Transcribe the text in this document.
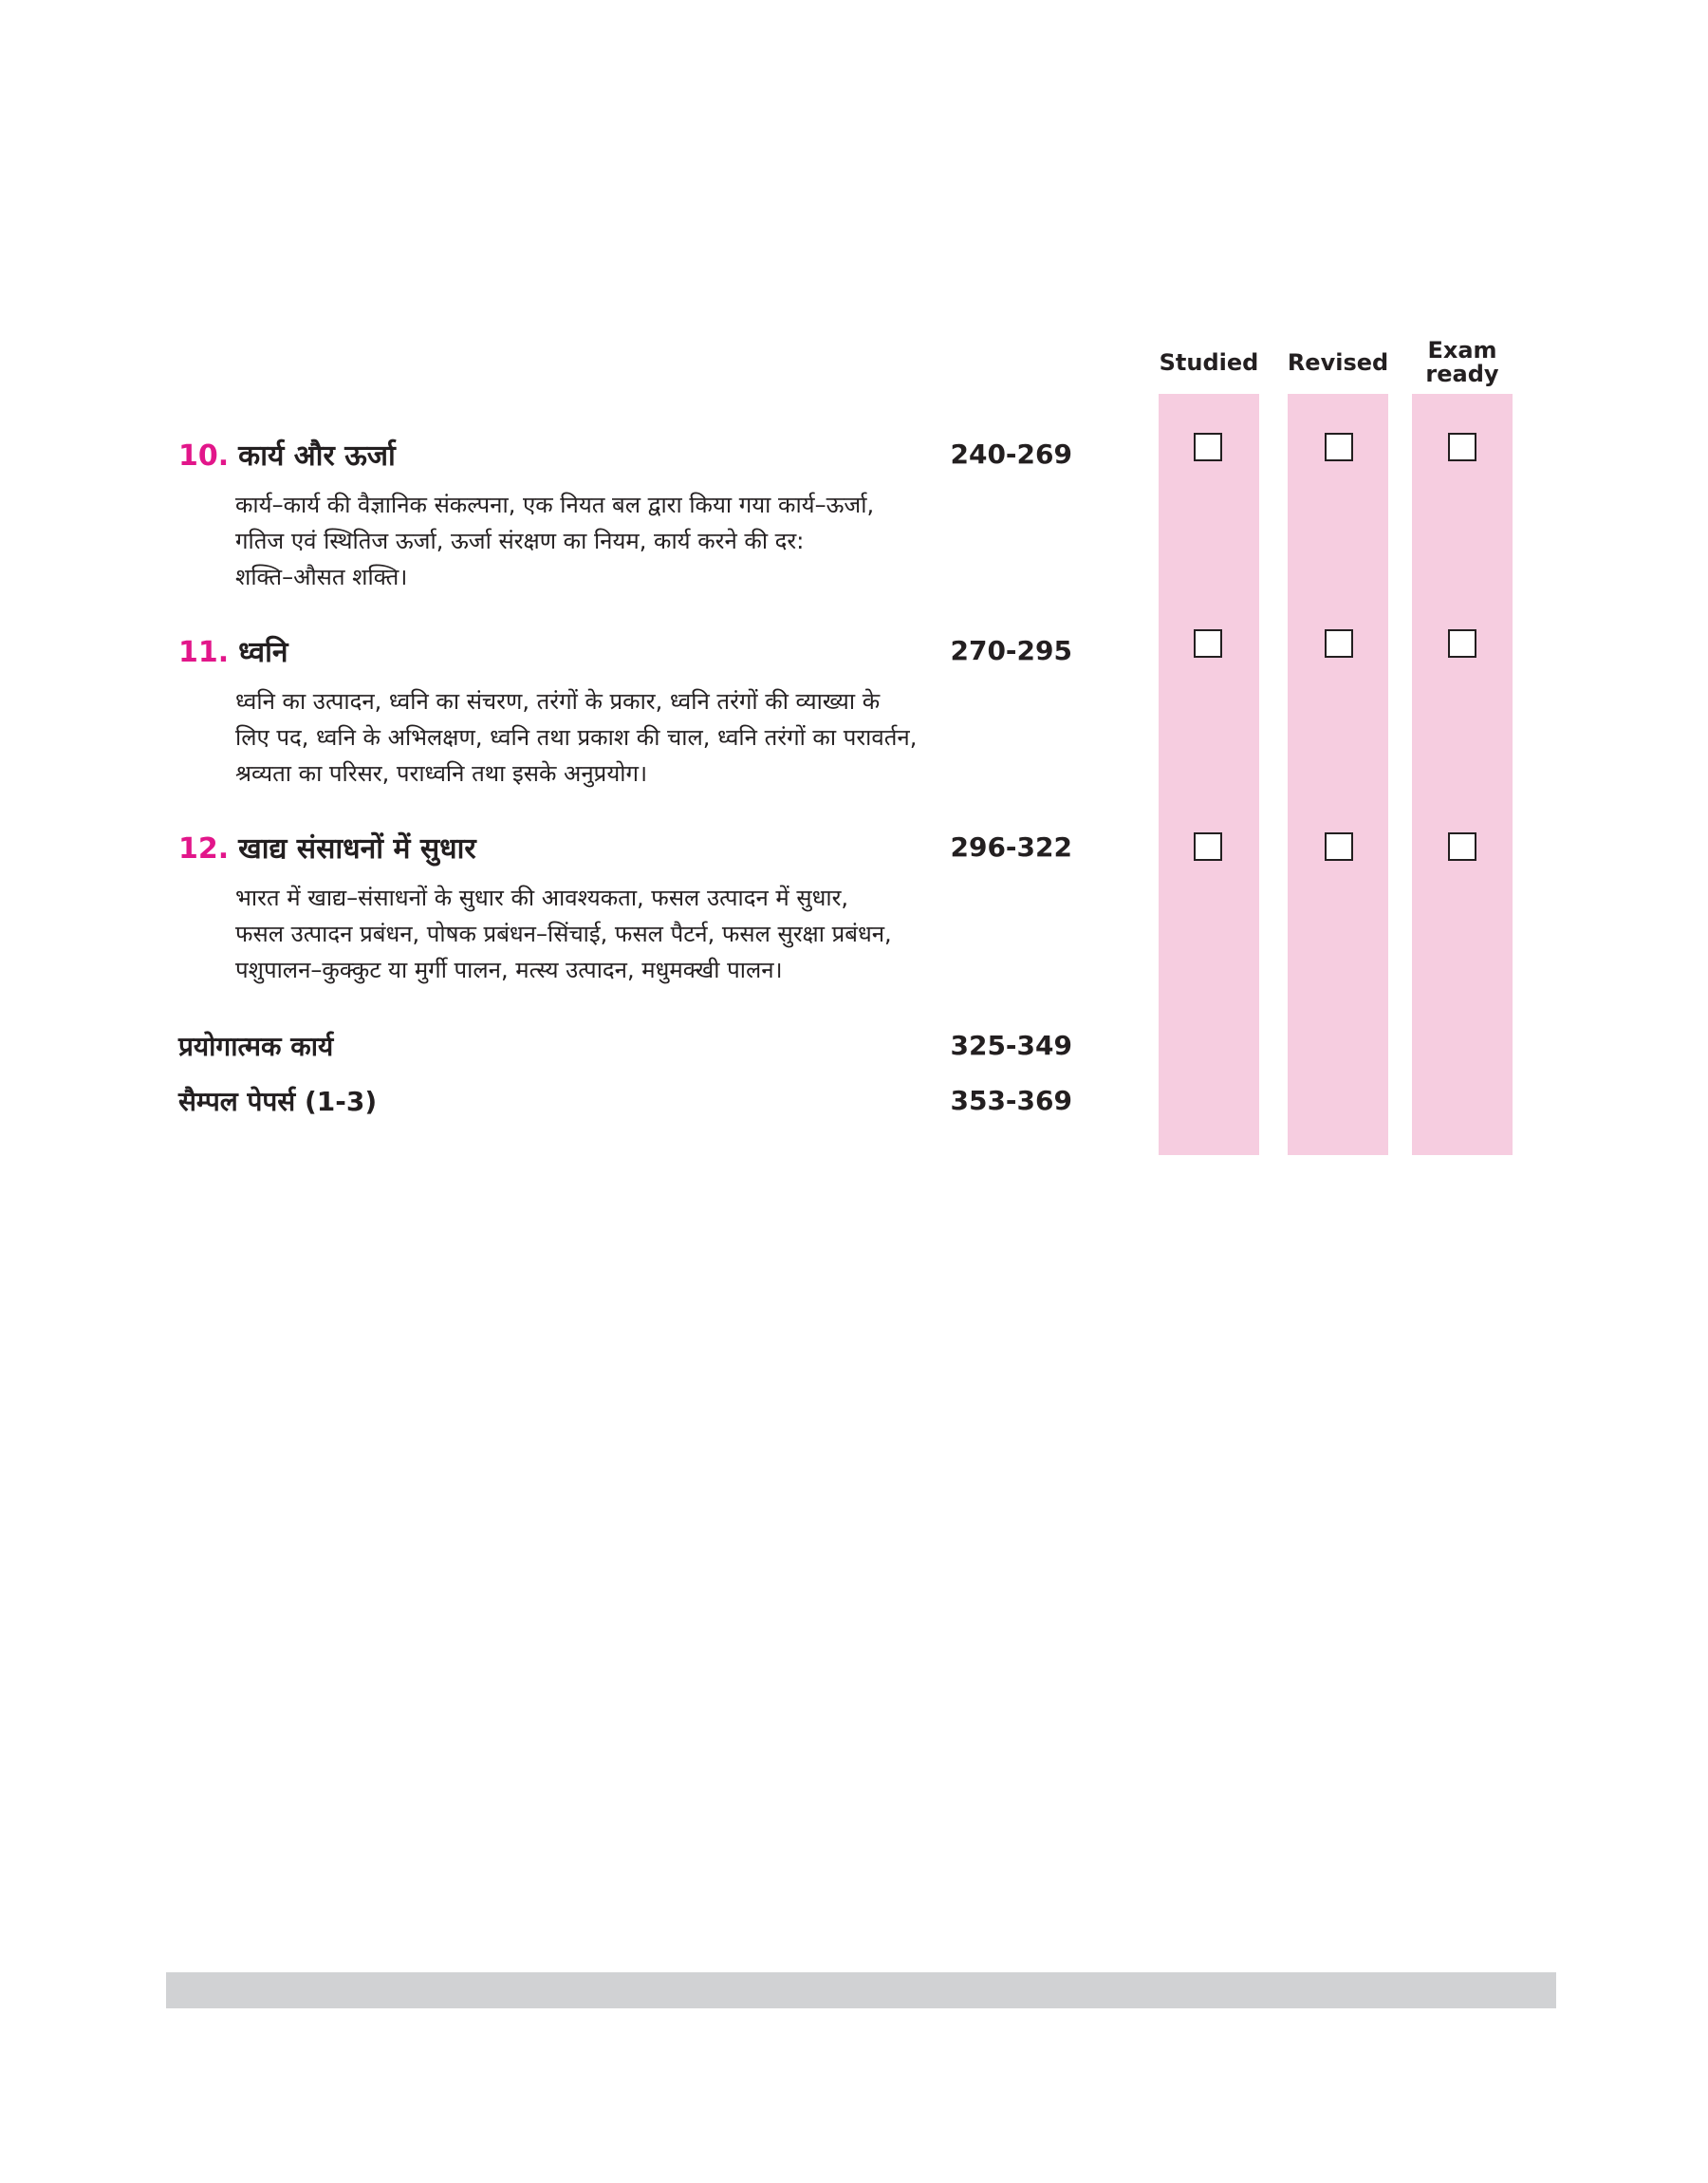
Studied	Revised	Exam
ready
10. कार्य और ऊर्जा	240-269
कार्य–कार्य की वैज्ञानिक संकल्पना, एक नियत बल द्वारा किया गया कार्य–ऊर्जा,
गतिज एवं स्थितिज ऊर्जा, ऊर्जा संरक्षण का नियम, कार्य करने की दर:
शक्ति–औसत शक्ति।
11. ध्वनि	270-295
ध्वनि का उत्पादन, ध्वनि का संचरण, तरंगों के प्रकार, ध्वनि तरंगों की व्याख्या के
लिए पद, ध्वनि के अभिलक्षण, ध्वनि तथा प्रकाश की चाल, ध्वनि तरंगों का परावर्तन,
श्रव्यता का परिसर, पराध्वनि तथा इसके अनुप्रयोग।
12. खाद्य संसाधनों में सुधार	296-322
भारत में खाद्य–संसाधनों के सुधार की आवश्यकता, फसल उत्पादन में सुधार,
फसल उत्पादन प्रबंधन, पोषक प्रबंधन–सिंचाई, फसल पैटर्न, फसल सुरक्षा प्रबंधन,
पशुपालन–कुक्कुट या मुर्गी पालन, मत्स्य उत्पादन, मधुमक्खी पालन।
प्रयोगात्मक कार्य	325-349
सैम्पल पेपर्स (1-3)	353-369
